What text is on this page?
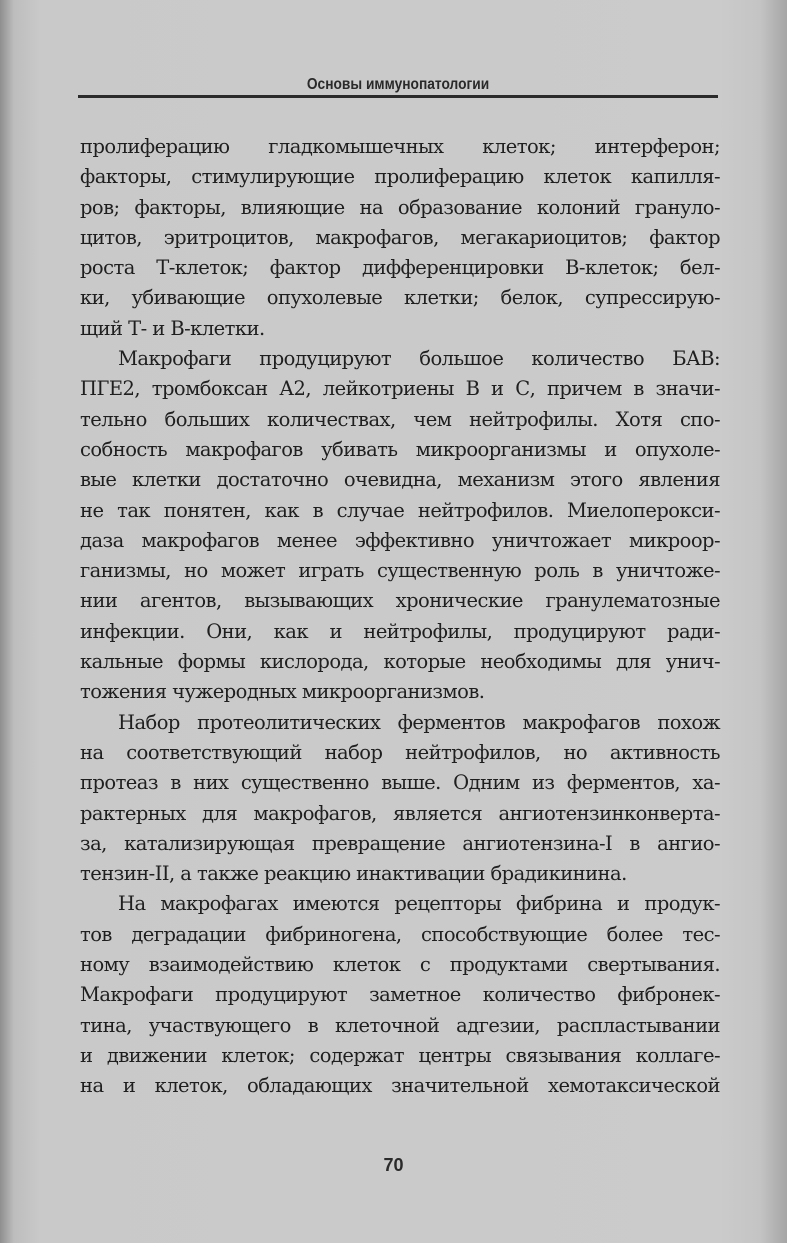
Основы иммунопатологии

пролиферацию гладкомышечных клеток; интерферон;
факторы, стимулирующие пролиферацию клеток капилля-
ров; факторы, влияющие на образование колоний грануло-
цитов, эритроцитов, макрофагов, мегакариоцитов; фактор
роста Т-клеток; фактор дифференцировки В-клеток; бел-
ки, убивающие опухолевые клетки; белок, супрессирую-
щий Т- и В-клетки.

Макрофаги продуцируют большое количество БАВ:
ПГЕ2, тромбоксан А2, лейкотриены В и С, причем в значи-
тельно больших количествах, чем нейтрофилы. Хотя спо-
собность макрофагов убивать микроорганизмы и опухоле-
вые клетки достаточно очевидна, механизм этого явления
не так понятен, как в случае нейтрофилов. Миелоперокси-
даза макрофагов менее эффективно уничтожает микроор-
ганизмы, но может играть существенную роль в уничтоже-
нии агентов, вызывающих хронические гранулематозные
инфекции. Они, как и нейтрофилы, продуцируют ради-
кальные формы кислорода, которые необходимы для унич-
тожения чужеродных микроорганизмов.

Набор протеолитических ферментов макрофагов похож
на соответствующий набор нейтрофилов, но активность
протеаз в них существенно выше. Одним из ферментов, ха-
рактерных для макрофагов, является ангиотензинконверта-
за, катализирующая превращение ангиотензина-I в ангио-
тензин-II, а также реакцию инактивации брадикинина.

На макрофагах имеются рецепторы фибрина и продук-
тов деградации фибриногена, способствующие более тес-
ному взаимодействию клеток с продуктами свертывания.
Макрофаги продуцируют заметное количество фибронек-
тина, участвующего в клеточной адгезии, распластывании
и движении клеток; содержат центры связывания коллаге-
на и клеток, обладающих значительной хемотаксической

70
